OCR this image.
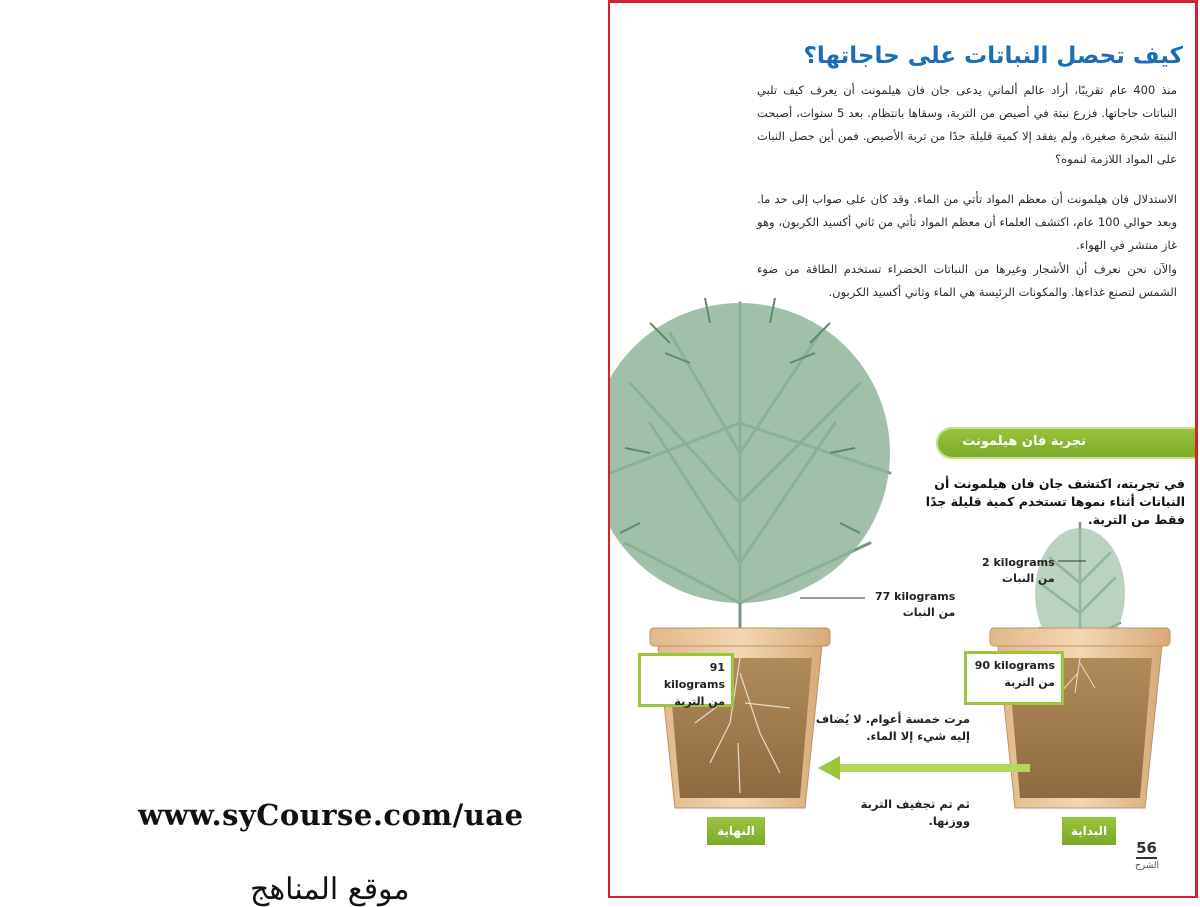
www.syCourse.com/uae
موقع المناهج
كيف تحصل النباتات على حاجاتها؟

منذ 400 عام تقريبًا، أراد عالم ألماني يدعى جان فان هيلمونت أن يعرف كيف تلبي النباتات حاجاتها. فزرع نبتة في أصيص من التربة، وسقاها بانتظام. بعد 5 سنوات، أصبحت النبتة شجرة صغيرة، ولم يفقد إلا كمية قليلة جدًا من تربة الأصيص. فمن أين حصل النبات على المواد اللازمة لنموه؟

الاستدلال فان هيلمونت أن معظم المواد تأتي من الماء. وقد كان على صواب إلى حد ما. وبعد حوالي 100 عام، اكتشف العلماء أن معظم المواد تأتي من ثاني أكسيد الكربون، وهو غاز منتشر في الهواء.

والآن نحن نعرف أن الأشجار وغيرها من النباتات الخضراء تستخدم الطاقة من ضوء الشمس لتصنع غذاءها. والمكونات الرئيسة هي الماء وثاني أكسيد الكربون.

تجربة فان هيلمونت

في تجربته، اكتشف جان فان هيلمونت أن النباتات أثناء نموها تستخدم كمية قليلة جدًا فقط من التربة.

77 kilograms
من النبات
2 kilograms
من النبات
91 kilograms
من التربة
90 kilograms
من التربة

مرت خمسة أعوام. لا يُضاف إليه شيء إلا الماء.

ثم تم تجفيف التربة ووزنها.

النهاية	البداية
56
الشرح
